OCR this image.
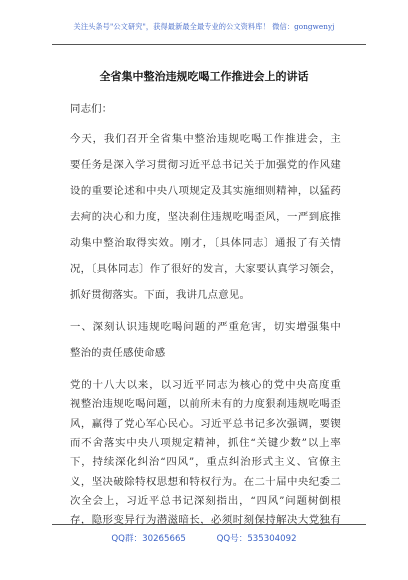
关注头条号"公文研究"，获得最新最全最专业的公文资料库！ 微信：gongwenyj
全省集中整治违规吃喝工作推进会上的讲话
同志们：
今天，我们召开全省集中整治违规吃喝工作推进会，主
要任务是深入学习贯彻习近平总书记关于加强党的作风建
设的重要论述和中央八项规定及其实施细则精神，以猛药
去疴的决心和力度，坚决刹住违规吃喝歪风，一严到底推
动集中整治取得实效。刚才，〔具体同志〕通报了有关情
况，〔具体同志〕作了很好的发言，大家要认真学习领会，
抓好贯彻落实。下面，我讲几点意见。
一、深刻认识违规吃喝问题的严重危害，切实增强集中
整治的责任感使命感
党的十八大以来，以习近平同志为核心的党中央高度重
视整治违规吃喝问题，以前所未有的力度狠刹违规吃喝歪
风，赢得了党心军心民心。习近平总书记多次强调，要锲
而不舍落实中央八项规定精神，抓住“关键少数”以上率
下，持续深化纠治“四风”，重点纠治形式主义、官僚主
义，坚决破除特权思想和特权行为。在二十届中央纪委二
次全会上，习近平总书记深刻指出，“四风”问题树倒根
存，隐形变异行为潜滋暗长，必须时刻保持解决大党独有
QQ群：30265665	QQ号：535304092
